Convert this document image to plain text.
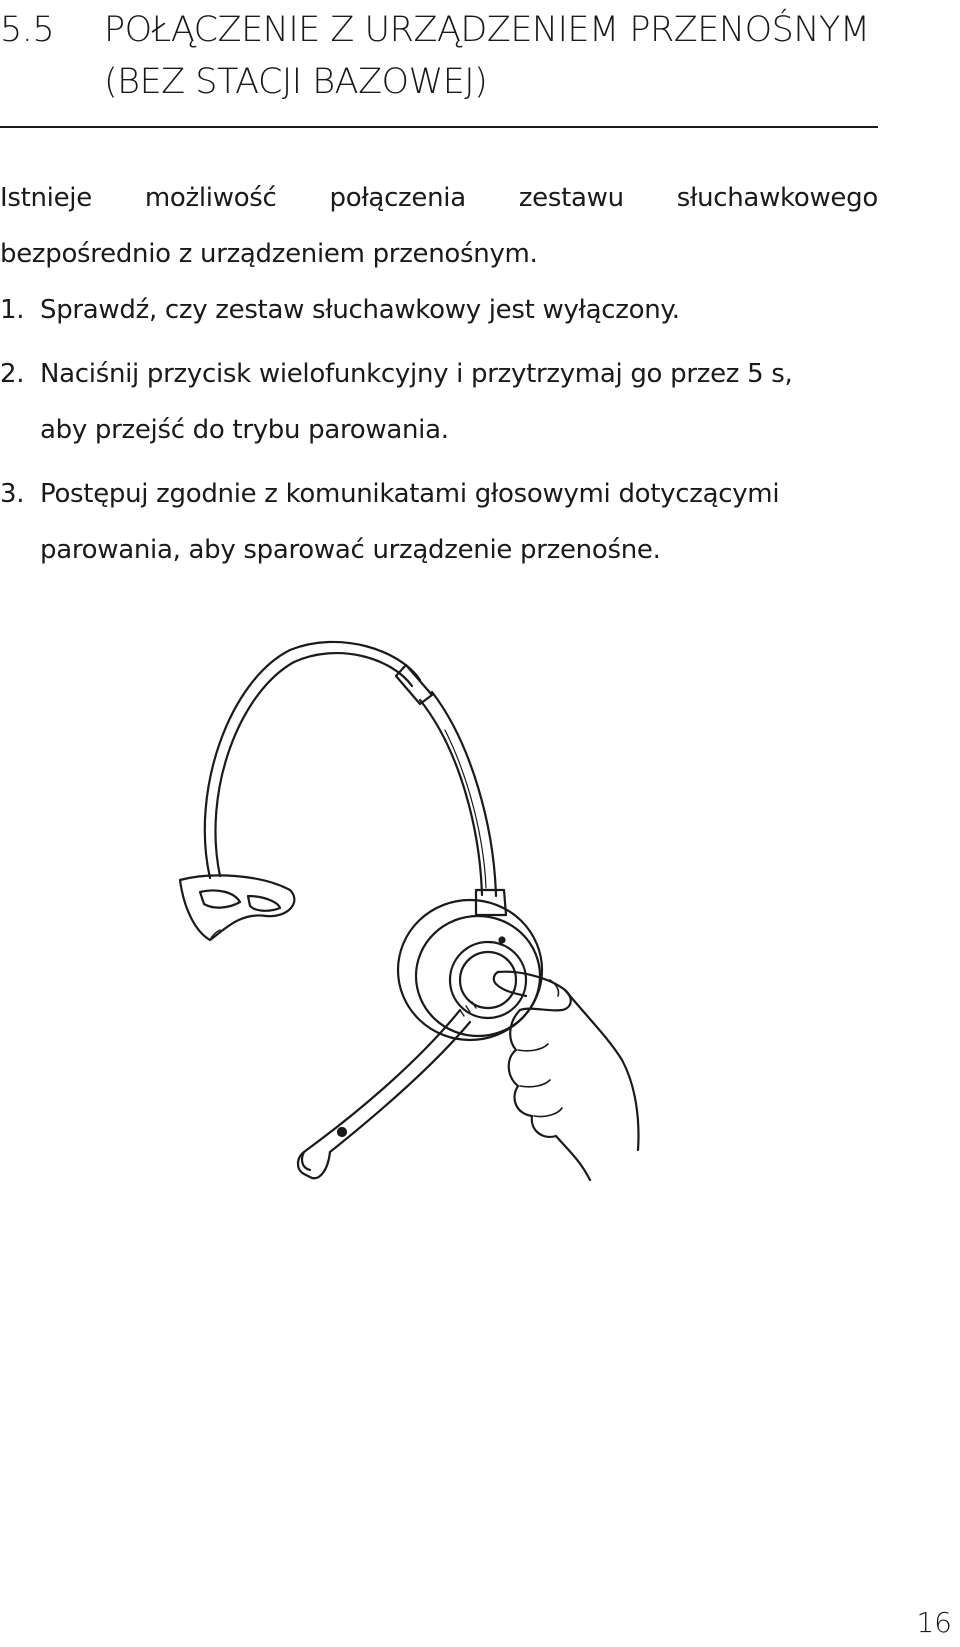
5.5	POŁĄCZENIE Z URZĄDZENIEM PRZENOŚNYM
(BEZ STACJI BAZOWEJ)
Istnieje możliwość połączenia zestawu słuchawkowego
bezpośrednio z urządzeniem przenośnym.
1. Sprawdź, czy zestaw słuchawkowy jest wyłączony.
2. Naciśnij przycisk wielofunkcyjny i przytrzymaj go przez 5 s,
aby przejść do trybu parowania.
3. Postępuj zgodnie z komunikatami głosowymi dotyczącymi
parowania, aby sparować urządzenie przenośne.
16
